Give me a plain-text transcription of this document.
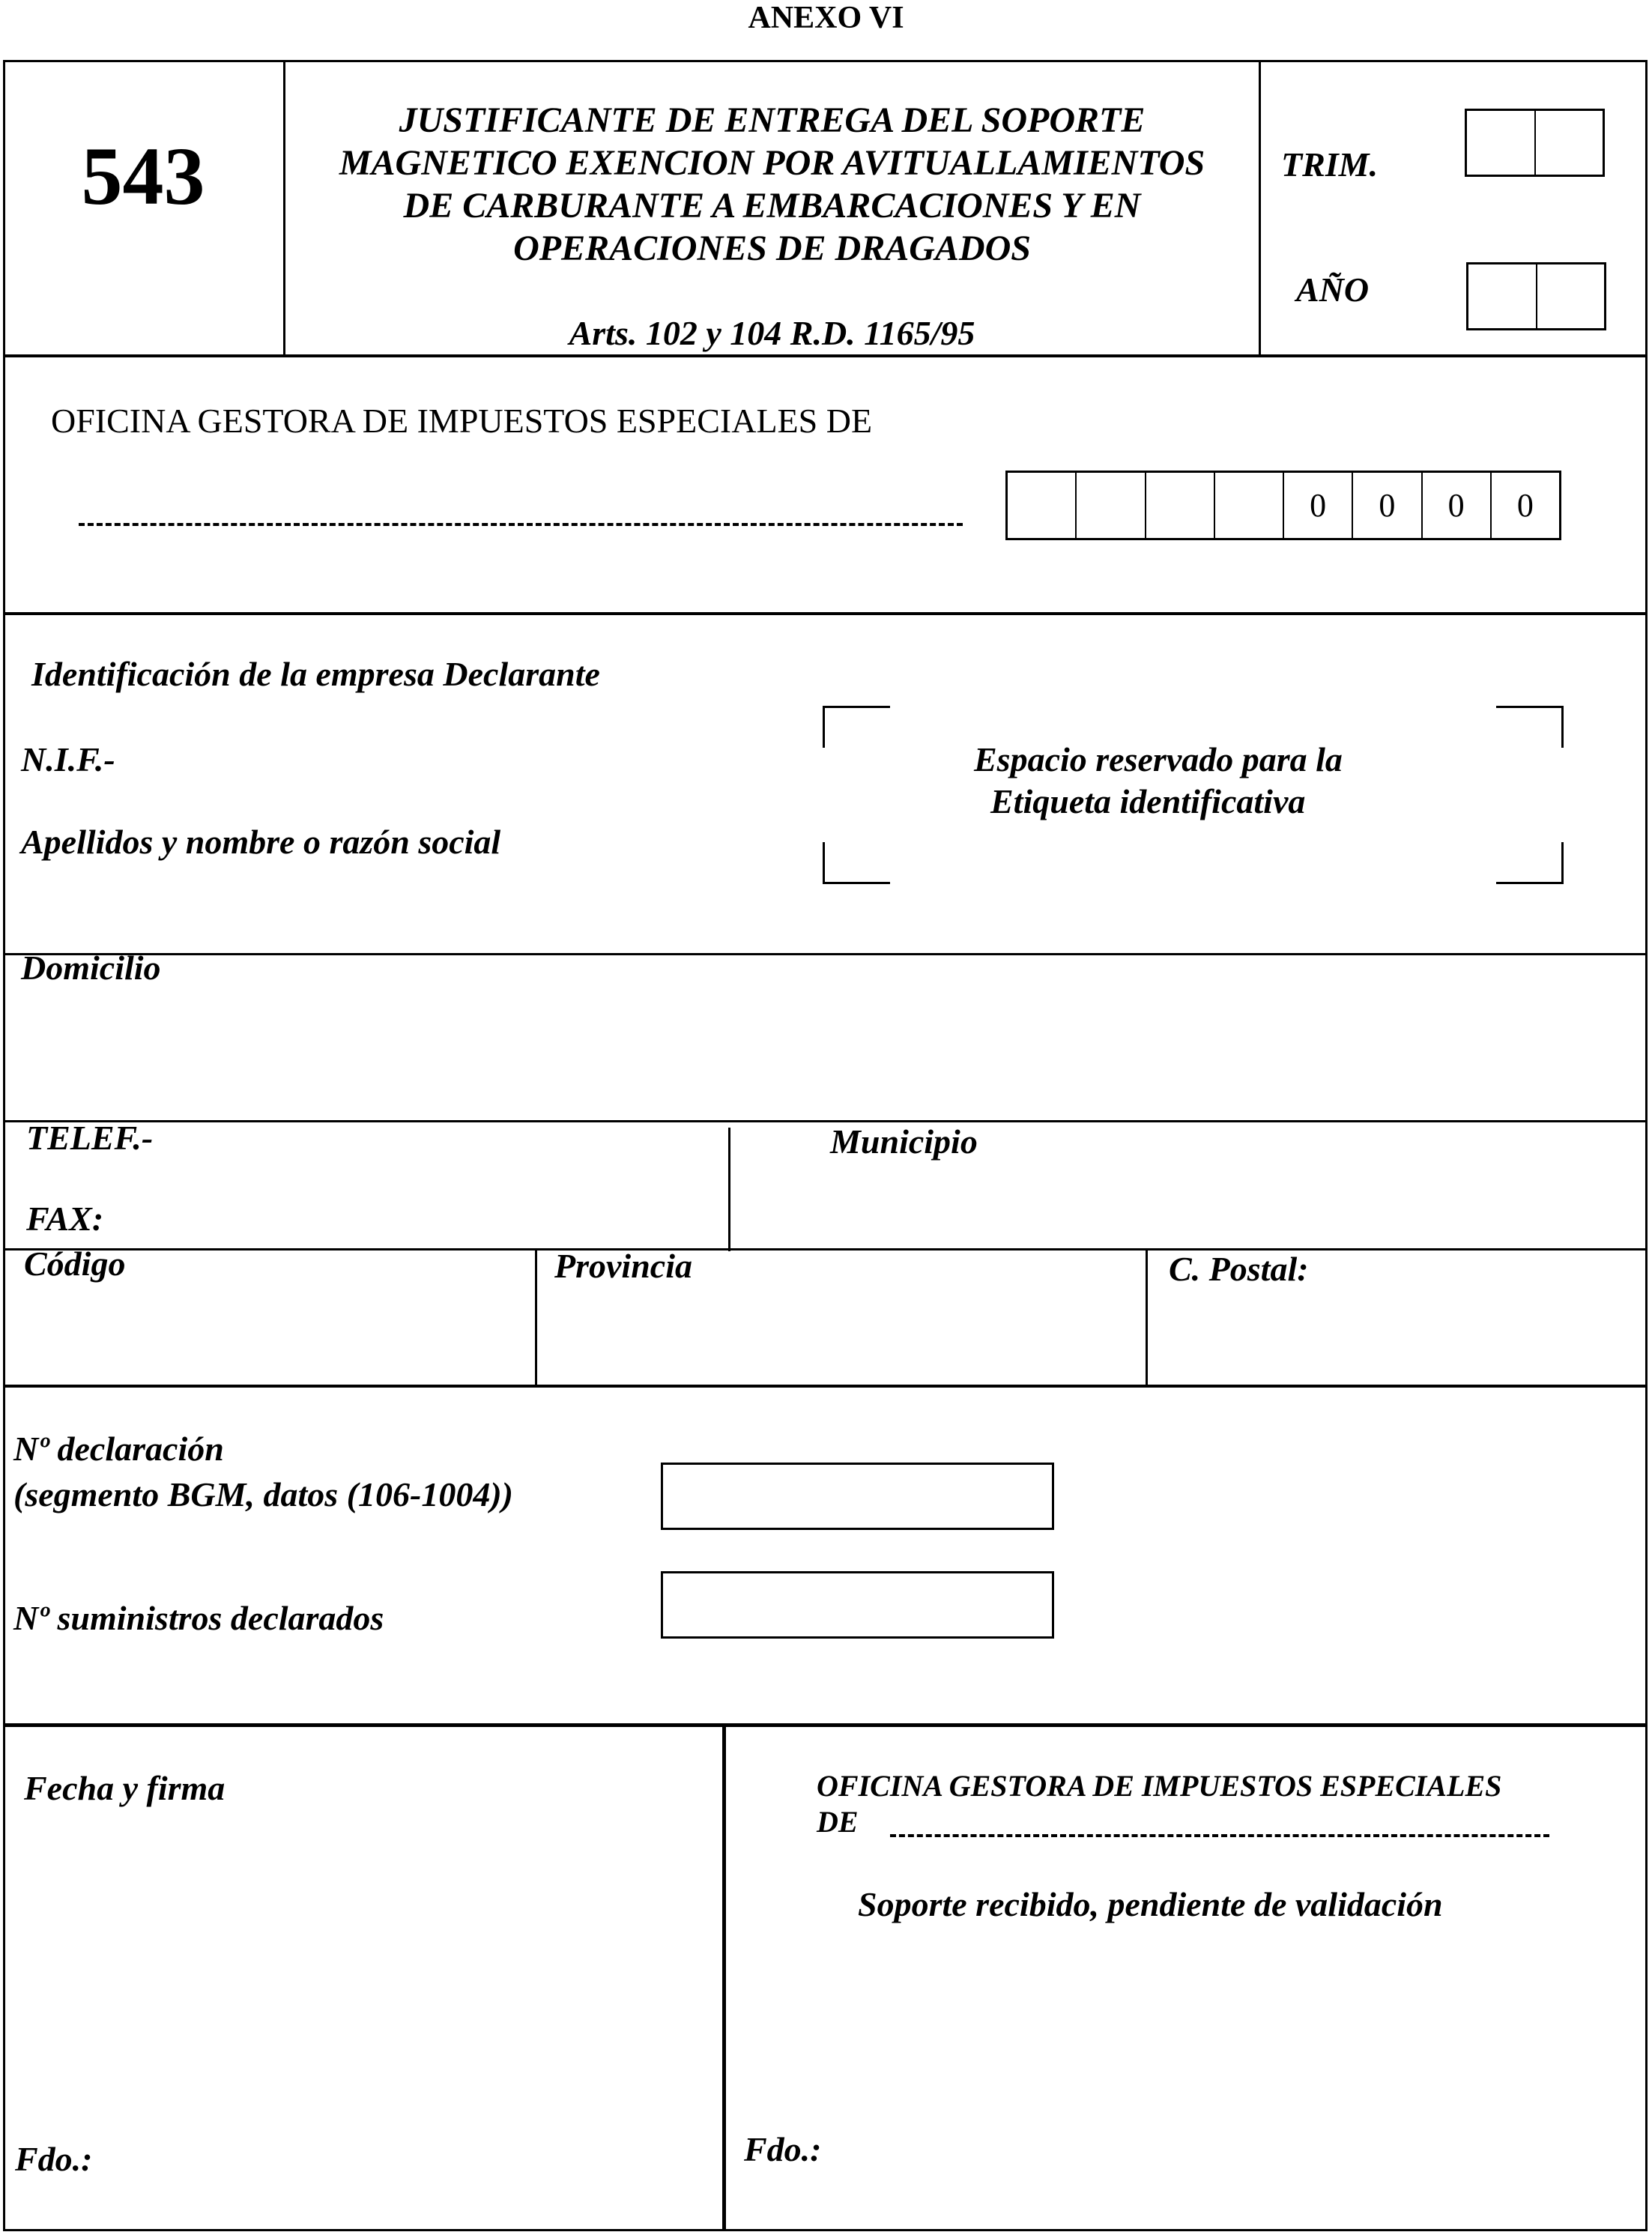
ANEXO VI
543
JUSTIFICANTE DE ENTREGA DEL SOPORTE
MAGNETICO EXENCION POR AVITUALLAMIENTOS
DE CARBURANTE A EMBARCACIONES Y EN
OPERACIONES DE DRAGADOS
Arts. 102 y 104 R.D. 1165/95
TRIM.
AÑO
OFICINA GESTORA DE IMPUESTOS ESPECIALES DE
0	0	0	0
Identificación de la empresa Declarante
N.I.F.-
Apellidos y nombre o razón social
Espacio reservado para la
Etiqueta identificativa
Domicilio
TELEF.-
FAX:
Municipio
Código	Provincia	C. Postal:
Nº declaración
(segmento BGM, datos (106-1004))
Nº suministros declarados
Fecha y firma
Fdo.:
OFICINA GESTORA DE IMPUESTOS ESPECIALES
DE
Soporte recibido, pendiente de validación
Fdo.:
